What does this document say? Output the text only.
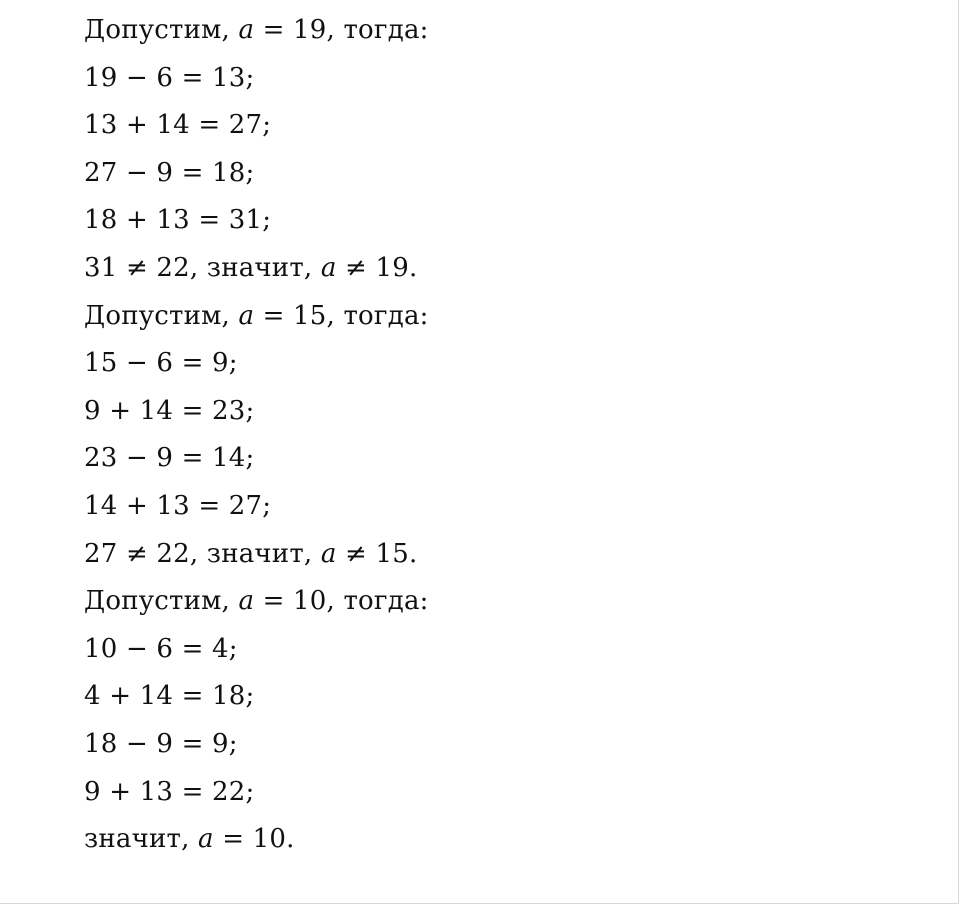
Допустим, 𝑎 = 19, тогда:
19 − 6 = 13;
13 + 14 = 27;
27 − 9 = 18;
18 + 13 = 31;
31 ≠ 22, значит, 𝑎 ≠ 19.
Допустим, 𝑎 = 15, тогда:
15 − 6 = 9;
9 + 14 = 23;
23 − 9 = 14;
14 + 13 = 27;
27 ≠ 22, значит, 𝑎 ≠ 15.
Допустим, 𝑎 = 10, тогда:
10 − 6 = 4;
4 + 14 = 18;
18 − 9 = 9;
9 + 13 = 22;
значит, 𝑎 = 10.
